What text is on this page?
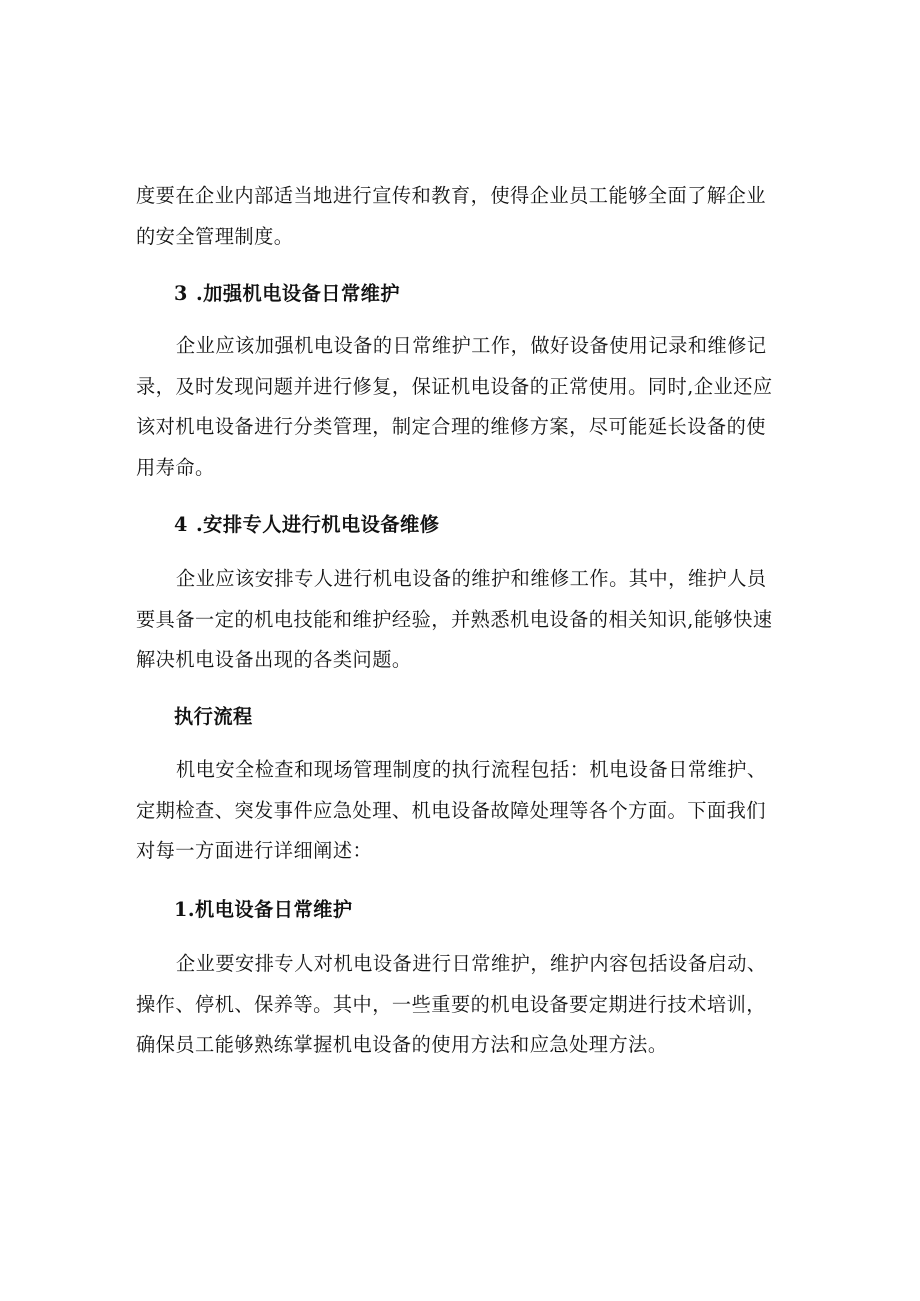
度要在企业内部适当地进行宣传和教育，使得企业员工能够全面了解企业
的安全管理制度。

3 .加强机电设备日常维护

企业应该加强机电设备的日常维护工作，做好设备使用记录和维修记
录，及时发现问题并进行修复，保证机电设备的正常使用。同时,企业还应
该对机电设备进行分类管理，制定合理的维修方案，尽可能延长设备的使
用寿命。

4 .安排专人进行机电设备维修

企业应该安排专人进行机电设备的维护和维修工作。其中，维护人员
要具备一定的机电技能和维护经验，并熟悉机电设备的相关知识,能够快速
解决机电设备出现的各类问题。

执行流程

机电安全检查和现场管理制度的执行流程包括：机电设备日常维护、
定期检查、突发事件应急处理、机电设备故障处理等各个方面。下面我们
对每一方面进行详细阐述：

1.机电设备日常维护

企业要安排专人对机电设备进行日常维护，维护内容包括设备启动、
操作、停机、保养等。其中，一些重要的机电设备要定期进行技术培训，
确保员工能够熟练掌握机电设备的使用方法和应急处理方法。
